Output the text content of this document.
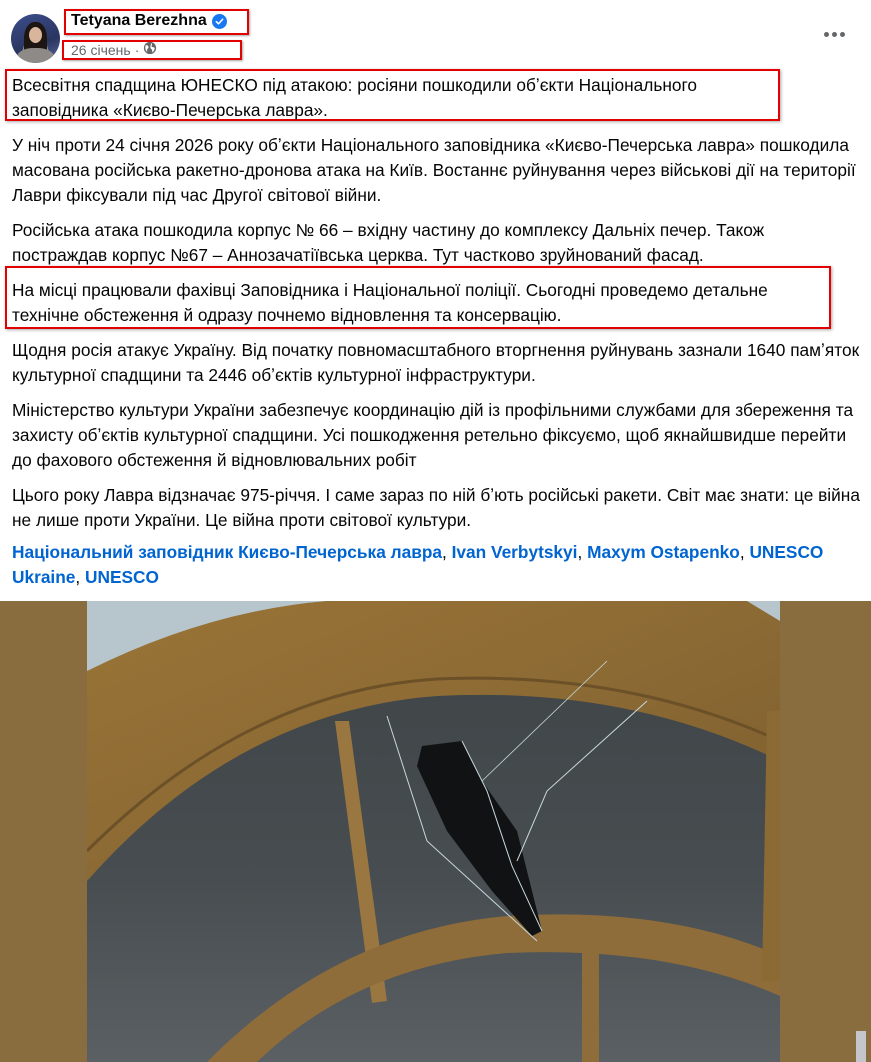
Tetyana Berezhna
26 січень ·

Всесвітня спадщина ЮНЕСКО під атакою: росіяни пошкодили обʼєкти Національного заповідника «Києво-Печерська лавра».

У ніч проти 24 січня 2026 року обʼєкти Національного заповідника «Києво-Печерська лавра» пошкодила масована російська ракетно-дронова атака на Київ. Востаннє руйнування через військові дії на території Лаври фіксували під час Другої світової війни.

Російська атака пошкодила корпус № 66 – вхідну частину до комплексу Дальніх печер. Також постраждав корпус №67 – Аннозачатіївська церква. Тут частково зруйнований фасад.

На місці працювали фахівці Заповідника і Національної поліції. Сьогодні проведемо детальне технічне обстеження й одразу почнемо відновлення та консервацію.

Щодня росія атакує Україну. Від початку повномасштабного вторгнення руйнувань зазнали 1640 памʼяток культурної спадщини та 2446 обʼєктів культурної інфраструктури.

Міністерство культури України забезпечує координацію дій із профільними службами для збереження та захисту обʼєктів культурної спадщини. Усі пошкодження ретельно фіксуємо, щоб якнайшвидше перейти до фахового обстеження й відновлювальних робіт

Цього року Лавра відзначає 975-річчя. І саме зараз по ній бʼють російські ракети. Світ має знати: це війна не лише проти України. Це війна проти світової культури.

Національний заповідник Києво-Печерська лавра, Ivan Verbytskyi, Maxym Ostapenko, UNESCO Ukraine, UNESCO
